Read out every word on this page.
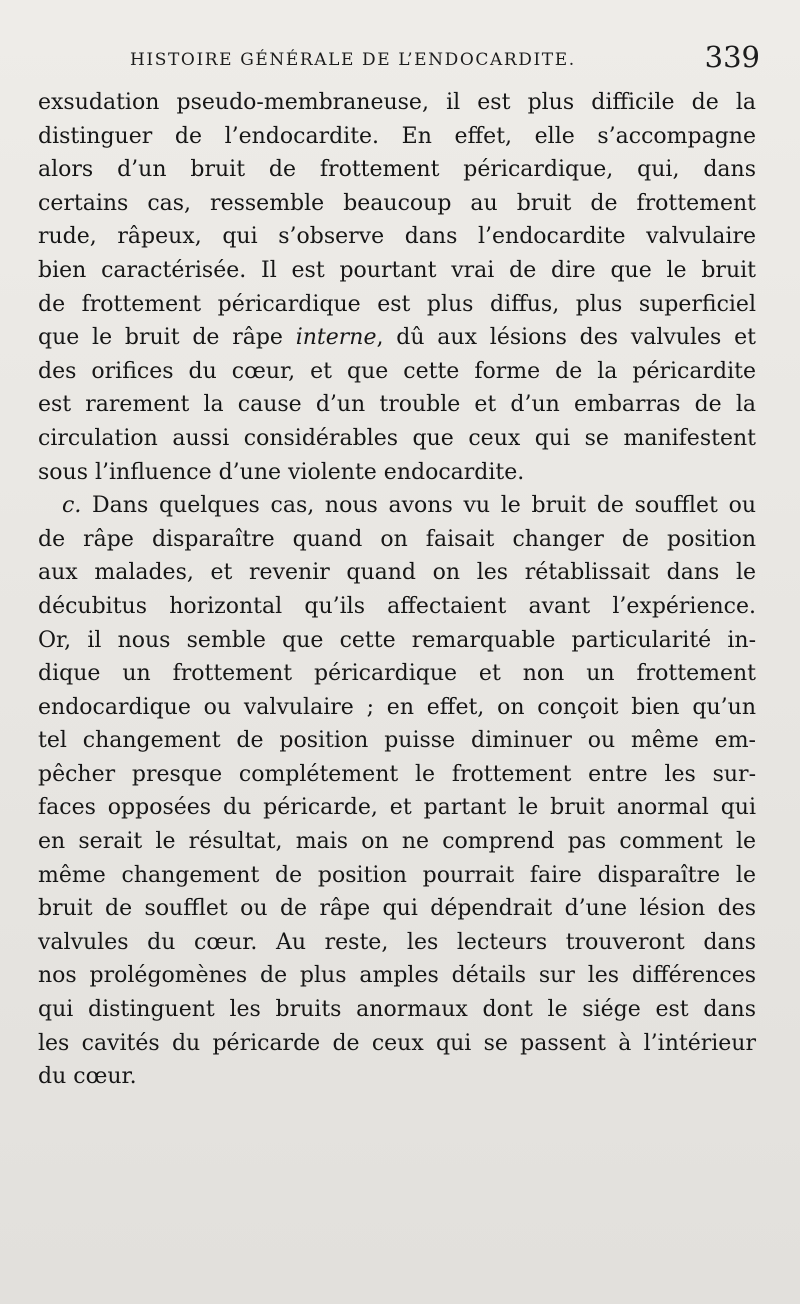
HISTOIRE GÉNÉRALE DE L’ENDOCARDITE.	339
exsudation pseudo-membraneuse, il est plus difficile de la
distinguer de l’endocardite. En effet, elle s’accompagne
alors d’un bruit de frottement péricardique, qui, dans
certains cas, ressemble beaucoup au bruit de frottement
rude, râpeux, qui s’observe dans l’endocardite valvulaire
bien caractérisée. Il est pourtant vrai de dire que le bruit
de frottement péricardique est plus diffus, plus superficiel
que le bruit de râpe interne, dû aux lésions des valvules et
des orifices du cœur, et que cette forme de la péricardite
est rarement la cause d’un trouble et d’un embarras de la
circulation aussi considérables que ceux qui se manifestent
sous l’influence d’une violente endocardite.
c. Dans quelques cas, nous avons vu le bruit de soufflet ou
de râpe disparaître quand on faisait changer de position
aux malades, et revenir quand on les rétablissait dans le
décubitus horizontal qu’ils affectaient avant l’expérience.
Or, il nous semble que cette remarquable particularité in-
dique un frottement péricardique et non un frottement
endocardique ou valvulaire ; en effet, on conçoit bien qu’un
tel changement de position puisse diminuer ou même em-
pêcher presque complétement le frottement entre les sur-
faces opposées du péricarde, et partant le bruit anormal qui
en serait le résultat, mais on ne comprend pas comment le
même changement de position pourrait faire disparaître le
bruit de soufflet ou de râpe qui dépendrait d’une lésion des
valvules du cœur. Au reste, les lecteurs trouveront dans
nos prolégomènes de plus amples détails sur les différences
qui distinguent les bruits anormaux dont le siége est dans
les cavités du péricarde de ceux qui se passent à l’intérieur
du cœur.
